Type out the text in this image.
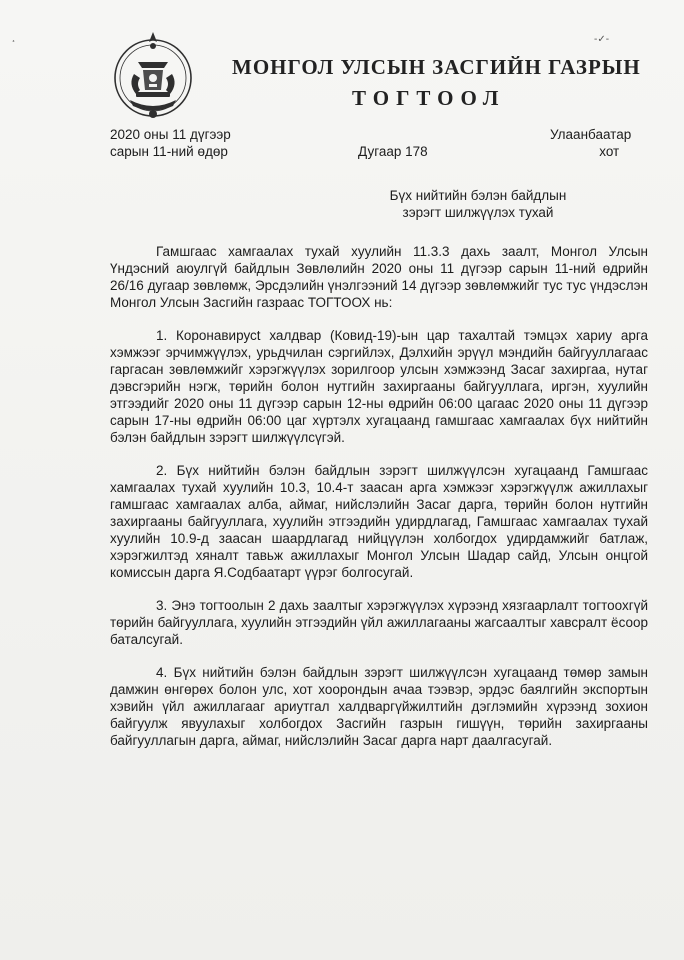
¸	-✓-
МОНГОЛ УЛСЫН ЗАСГИЙН ГАЗРЫН
ТОГТООЛ
2020 оны 11 дүгээр
сарын 11-ний өдөр	Дугаар 178
Улаанбаатар
хот
Бүх нийтийн бэлэн байдлын
зэрэгт шилжүүлэх тухай

Гамшгаас хамгаалах тухай хуулийн 11.3.3 дахь заалт, Монгол Улсын Үндэсний аюулгүй байдлын Зөвлөлийн 2020 оны 11 дүгээр сарын 11-ний өдрийн 26/16 дугаар зөвлөмж, Эрсдэлийн үнэлгээний 14 дүгээр зөвлөмжийг тус тус үндэслэн Монгол Улсын Засгийн газраас ТОГТООХ нь:

1. Коронавирусt халдвар (Ковид-19)-ын цар тахалтай тэмцэх хариу арга хэмжээг эрчимжүүлэх, урьдчилан сэргийлэх, Дэлхийн эрүүл мэндийн байгууллагаас гаргасан зөвлөмжийг хэрэгжүүлэх зорилгоор улсын хэмжээнд Засаг захиргаа, нутаг дэвсгэрийн нэгж, төрийн болон нутгийн захиргааны байгууллага, иргэн, хуулийн этгээдийг 2020 оны 11 дүгээр сарын 12-ны өдрийн 06:00 цагаас 2020 оны 11 дүгээр сарын 17-ны өдрийн 06:00 цаг хүртэлх хугацаанд гамшгаас хамгаалах бүх нийтийн бэлэн байдлын зэрэгт шилжүүлсүгэй.

2. Бүх нийтийн бэлэн байдлын зэрэгт шилжүүлсэн хугацаанд Гамшгаас хамгаалах тухай хуулийн 10.3, 10.4-т заасан арга хэмжээг хэрэгжүүлж ажиллахыг гамшгаас хамгаалах алба, аймаг, нийслэлийн Засаг дарга, төрийн болон нутгийн захиргааны байгууллага, хуулийн этгээдийн удирдлагад, Гамшгаас хамгаалах тухай хуулийн 10.9-д заасан шаардлагад нийцүүлэн холбогдох удирдамжийг батлаж, хэрэгжилтэд хяналт тавьж ажиллахыг Монгол Улсын Шадар сайд, Улсын онцгой комиссын дарга Я.Содбаатарт үүрэг болгосугай.

3. Энэ тогтоолын 2 дахь заалтыг хэрэгжүүлэх хүрээнд хязгаарлалт тогтоохгүй төрийн байгууллага, хуулийн этгээдийн үйл ажиллагааны жагсаалтыг хавсралт ёсоор баталсугай.

4. Бүх нийтийн бэлэн байдлын зэрэгт шилжүүлсэн хугацаанд төмөр замын дамжин өнгөрөх болон улс, хот хоорондын ачаа тээвэр, эрдэс баялгийн экспортын хэвийн үйл ажиллагааг ариутгал халдваргүйжилтийн дэглэмийн хүрээнд зохион байгуулж явуулахыг холбогдох Засгийн газрын гишүүн, төрийн захиргааны байгууллагын дарга, аймаг, нийслэлийн Засаг дарга нарт даалгасугай.
